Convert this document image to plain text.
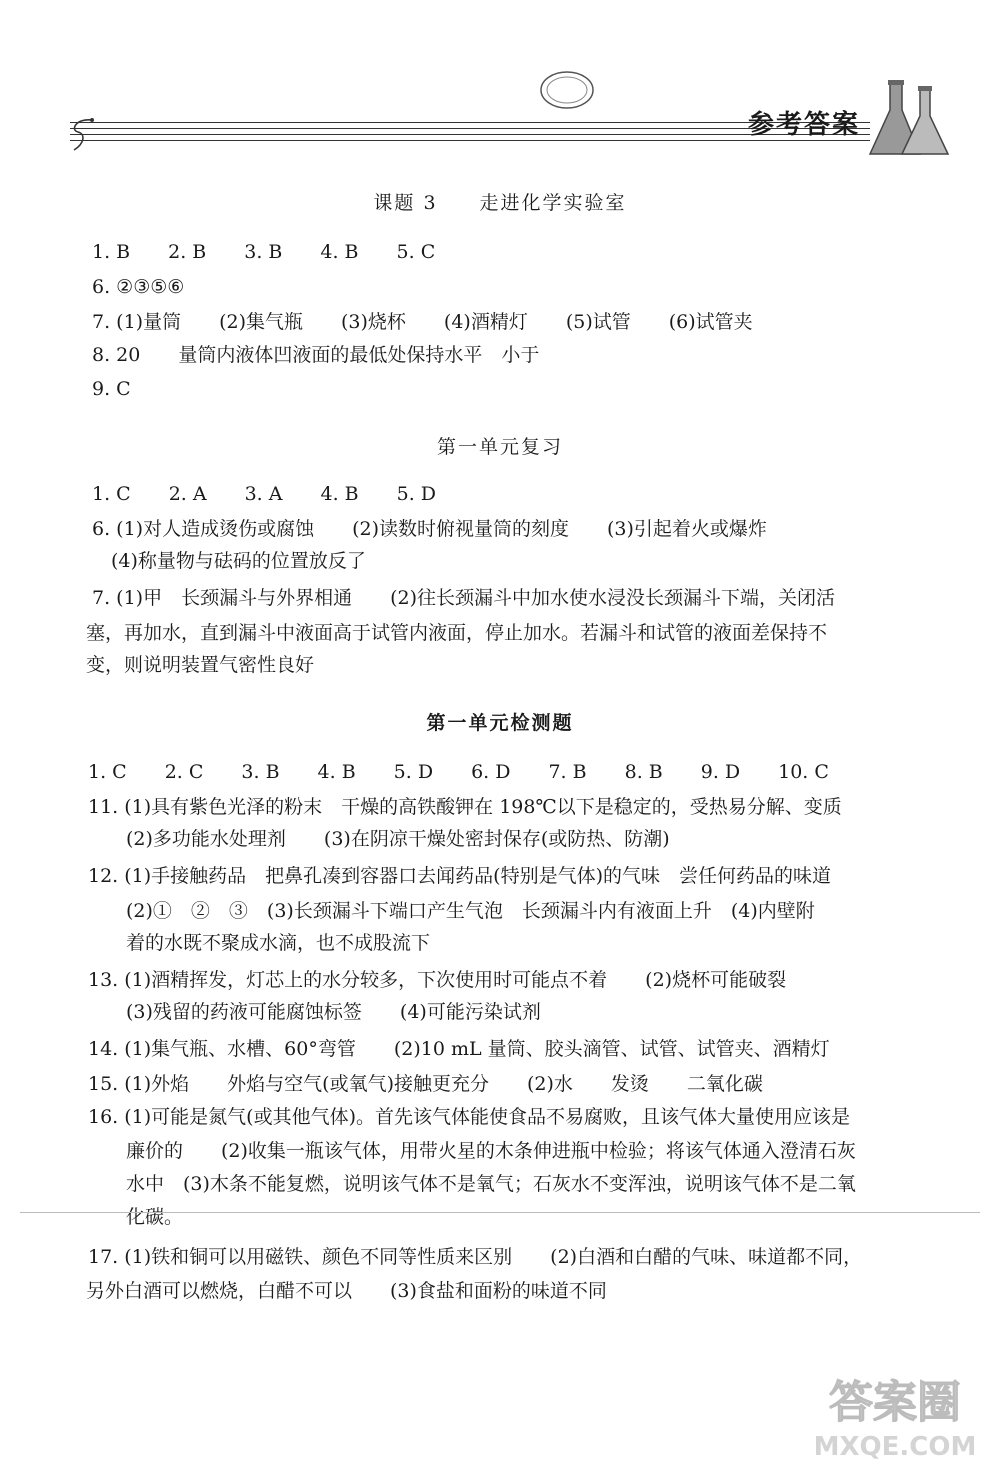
参考答案
课题 3　　走进化学实验室
1. B　　2. B　　3. B　　4. B　　5. C
6. ②③⑤⑥
7. (1)量筒　　(2)集气瓶　　(3)烧杯　　(4)酒精灯　　(5)试管　　(6)试管夹
8. 20　　量筒内液体凹液面的最低处保持水平　小于
9. C
第一单元复习
1. C　　2. A　　3. A　　4. B　　5. D
6. (1)对人造成烫伤或腐蚀　　(2)读数时俯视量筒的刻度　　(3)引起着火或爆炸
　(4)称量物与砝码的位置放反了
7. (1)甲　长颈漏斗与外界相通　　(2)往长颈漏斗中加水使水浸没长颈漏斗下端，关闭活
塞，再加水，直到漏斗中液面高于试管内液面，停止加水。若漏斗和试管的液面差保持不
变，则说明装置气密性良好
第一单元检测题
1. C　　2. C　　3. B　　4. B　　5. D　　6. D　　7. B　　8. B　　9. D　　10. C
11. (1)具有紫色光泽的粉末　干燥的高铁酸钾在 198℃以下是稳定的，受热易分解、变质
　　(2)多功能水处理剂　　(3)在阴凉干燥处密封保存(或防热、防潮)
12. (1)手接触药品　把鼻孔凑到容器口去闻药品(特别是气体)的气味　尝任何药品的味道
　　(2)①　②　③　(3)长颈漏斗下端口产生气泡　长颈漏斗内有液面上升　(4)内壁附
　　着的水既不聚成水滴，也不成股流下
13. (1)酒精挥发，灯芯上的水分较多，下次使用时可能点不着　　(2)烧杯可能破裂
　　(3)残留的药液可能腐蚀标签　　(4)可能污染试剂
14. (1)集气瓶、水槽、60°弯管　　(2)10 mL 量筒、胶头滴管、试管、试管夹、酒精灯
15. (1)外焰　　外焰与空气(或氧气)接触更充分　　(2)水　　发烫　　二氧化碳
16. (1)可能是氮气(或其他气体)。首先该气体能使食品不易腐败，且该气体大量使用应该是
　　廉价的　　(2)收集一瓶该气体，用带火星的木条伸进瓶中检验；将该气体通入澄清石灰
　　水中　(3)木条不能复燃，说明该气体不是氧气；石灰水不变浑浊，说明该气体不是二氧
　　化碳。
17. (1)铁和铜可以用磁铁、颜色不同等性质来区别　　(2)白酒和白醋的气味、味道都不同，
另外白酒可以燃烧，白醋不可以　　(3)食盐和面粉的味道不同
答案圈
MXQE.COM
